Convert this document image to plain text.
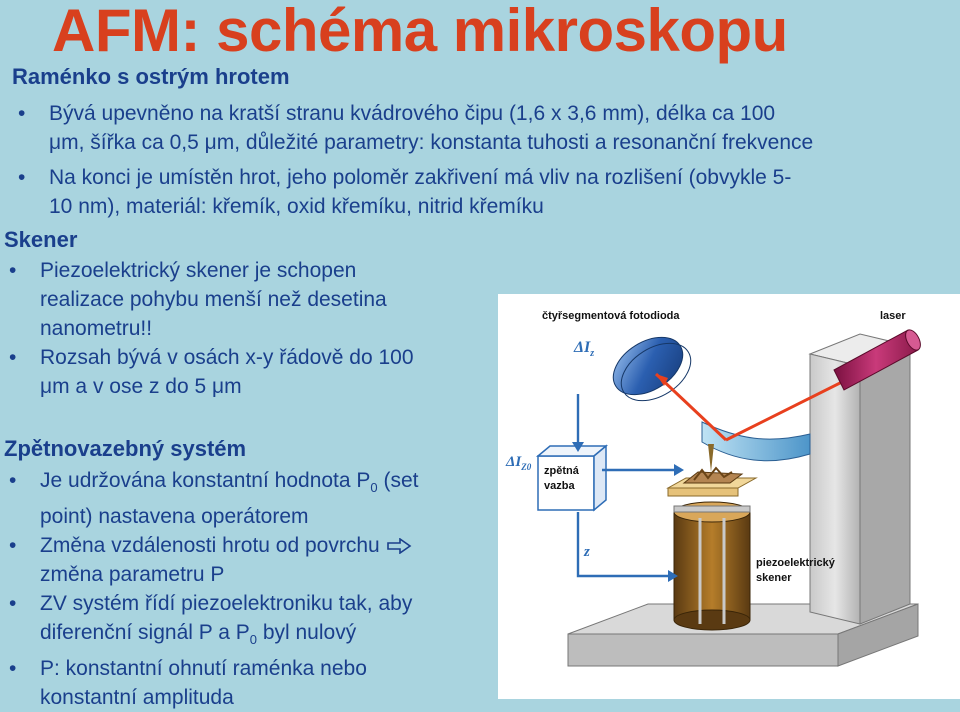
AFM: schéma mikroskopu
Raménko s ostrým hrotem
• Bývá upevněno na kratší stranu kvádrového čipu (1,6 x 3,6 mm), délka ca 100
μm, šířka ca 0,5 μm, důležité parametry: konstanta tuhosti a resonanční frekvence
• Na konci je umístěn hrot, jeho poloměr zakřivení má vliv na rozlišení (obvykle 5-
10 nm), materiál: křemík, oxid křemíku, nitrid křemíku
Skener
• Piezoelektrický skener je schopen
realizace pohybu menší než desetina
nanometru!!
• Rozsah bývá v osách x-y řádově do 100
μm a v ose z do 5 μm
Zpětnovazebný systém
• Je udržována konstantní hodnota $P_0$ (set
point) nastavena operátorem
• Změna vzdálenosti hrotu od povrchu
změna parametru P
• ZV systém řídí piezoelektroniku tak, aby
diferenční signál P a $P_0$ byl nulový
• P: konstantní ohnutí raménka nebo
konstantní amplituda
čtyřsegmentová fotodioda	laser
$\Delta I_z$
$\Delta I_{Z0}$ zpětná
vazba
z
piezoelektrický
skener
